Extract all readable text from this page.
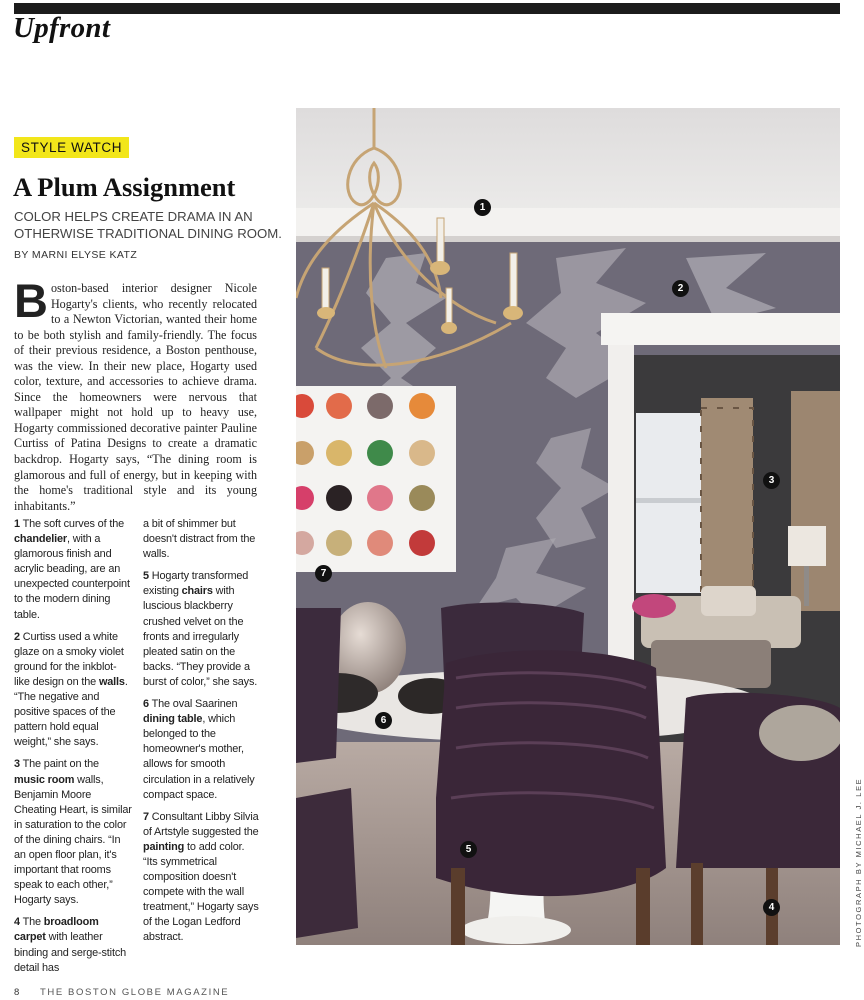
Upfront
STYLE WATCH
A Plum Assignment
COLOR HELPS CREATE DRAMA IN AN OTHERWISE TRADITIONAL DINING ROOM.
BY MARNI ELYSE KATZ
Boston-based interior designer Nicole Hogarty's clients, who recently relocated to a Newton Victorian, wanted their home to be both stylish and family-friendly. The focus of their previous residence, a Boston penthouse, was the view. In their new place, Hogarty used color, texture, and accessories to achieve drama. Since the homeowners were nervous that wallpaper might not hold up to heavy use, Hogarty commissioned decorative painter Pauline Curtiss of Patina Designs to create a dramatic backdrop. Hogarty says, “The dining room is glamorous and full of energy, but in keeping with the home's traditional style and its young inhabitants.”

1 The soft curves of the chandelier, with a glamorous finish and acrylic beading, are an unexpected counterpoint to the modern dining table.

2 Curtiss used a white glaze on a smoky violet ground for the inkblot-like design on the walls. “The negative and positive spaces of the pattern hold equal weight,” she says.

3 The paint on the music room walls, Benjamin Moore Cheating Heart, is similar in saturation to the color of the dining chairs. “In an open floor plan, it's important that rooms speak to each other,” Hogarty says.

4 The broadloom carpet with leather binding and serge-stitch detail has

a bit of shimmer but doesn't distract from the walls.

5 Hogarty transformed existing chairs with luscious blackberry crushed velvet on the fronts and irregularly pleated satin on the backs. “They provide a burst of color,” she says.

6 The oval Saarinen dining table, which belonged to the homeowner's mother, allows for smooth circulation in a relatively compact space.

7 Consultant Libby Silvia of Artstyle suggested the painting to add color. “Its symmetrical composition doesn't compete with the wall treatment,” Hogarty says of the Logan Ledford abstract.

1
2
3
4
5
6
7
PHOTOGRAPH BY MICHAEL J. LEE
8 THE BOSTON GLOBE MAGAZINE
